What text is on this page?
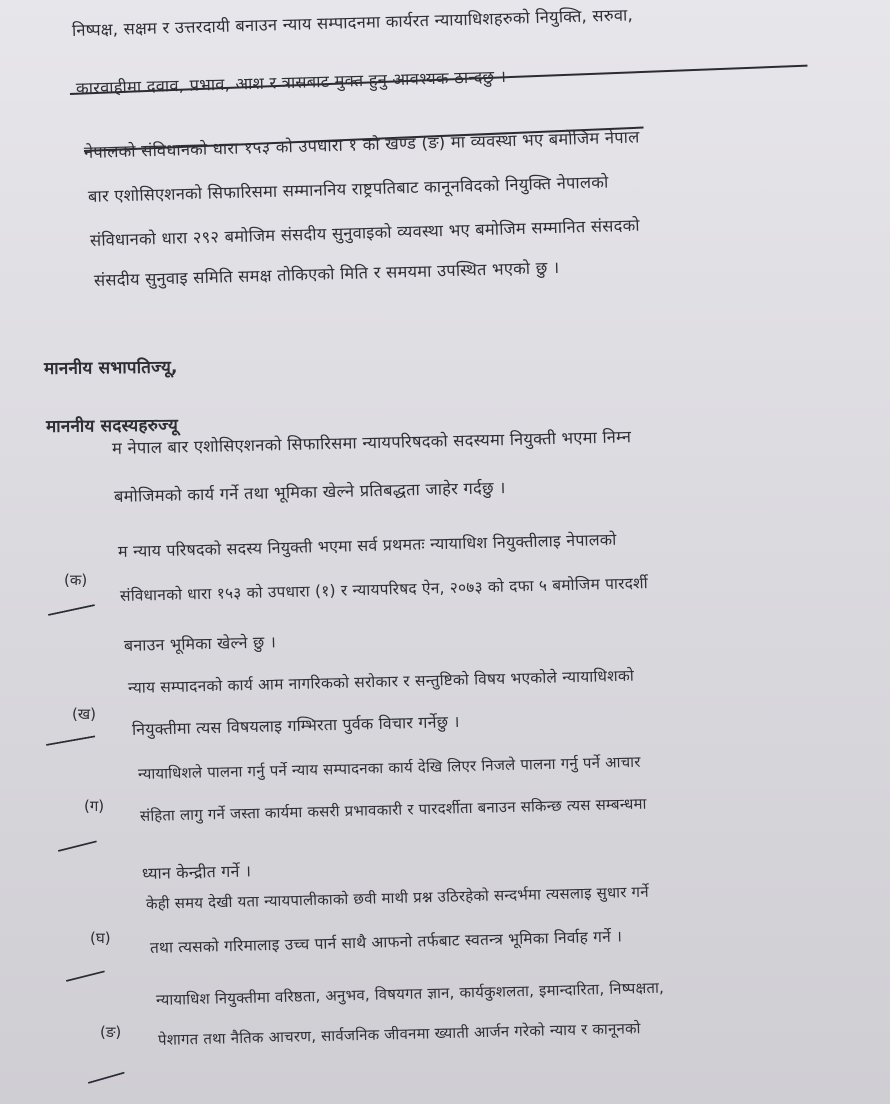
निष्पक्ष, सक्षम र उत्तरदायी बनाउन न्याय सम्पादनमा कार्यरत न्यायाधिशहरुको नियुक्ति, सरुवा,
कारवाहीमा दवाव, प्रभाव, आश र त्रासबाट मुक्त हुनु आवश्यक ठान्दछु ।
नेपालको संविधानको धारा १५३ को उपधारा १ को खण्ड (ङ) मा व्यवस्था भए बमोजिम नेपाल
बार एशोसिएशनको सिफारिसमा सम्माननिय राष्ट्रपतिबाट कानूनविदको नियुक्ति नेपालको
संविधानको धारा २९२ बमोजिम संसदीय सुनुवाइको व्यवस्था भए बमोजिम सम्मानित संसदको
संसदीय सुनुवाइ समिति समक्ष तोकिएको मिति र समयमा उपस्थित भएको छु ।
माननीय सभापतिज्यू,
माननीय सदस्यहरुज्यू
म नेपाल बार एशोसिएशनको सिफारिसमा न्यायपरिषदको सदस्यमा नियुक्ती भएमा निम्न
बमोजिमको कार्य गर्ने तथा भूमिका खेल्ने प्रतिबद्धता जाहेर गर्दछु ।
(क)
म न्याय परिषदको सदस्य नियुक्ती भएमा सर्व प्रथमतः न्यायाधिश नियुक्तीलाइ नेपालको
संविधानको धारा १५३ को उपधारा (१) र न्यायपरिषद ऐन, २०७३ को दफा ५ बमोजिम पारदर्शी
बनाउन भूमिका खेल्ने छु ।
(ख)
न्याय सम्पादनको कार्य आम नागरिकको सरोकार र सन्तुष्टिको विषय भएकोले न्यायाधिशको
नियुक्तीमा त्यस विषयलाइ गम्भिरता पुर्वक विचार गर्नेछु ।
(ग)
न्यायाधिशले पालना गर्नु पर्ने न्याय सम्पादनका कार्य देखि लिएर निजले पालना गर्नु पर्ने आचार
संहिता लागु गर्ने जस्ता कार्यमा कसरी प्रभावकारी र पारदर्शीता बनाउन सकिन्छ त्यस सम्बन्धमा
ध्यान केन्द्रीत गर्ने ।
(घ)
केही समय देखी यता न्यायपालीकाको छवी माथी प्रश्न उठिरहेको सन्दर्भमा त्यसलाइ सुधार गर्ने
तथा त्यसको गरिमालाइ उच्च पार्न साथै आफनो तर्फबाट स्वतन्त्र भूमिका निर्वाह गर्ने ।
(ङ)
न्यायाधिश नियुक्तीमा वरिष्ठता, अनुभव, विषयगत ज्ञान, कार्यकुशलता, इमान्दारिता, निष्पक्षता,
पेशागत तथा नैतिक आचरण, सार्वजनिक जीवनमा ख्याती आर्जन गरेको न्याय र कानूनको
